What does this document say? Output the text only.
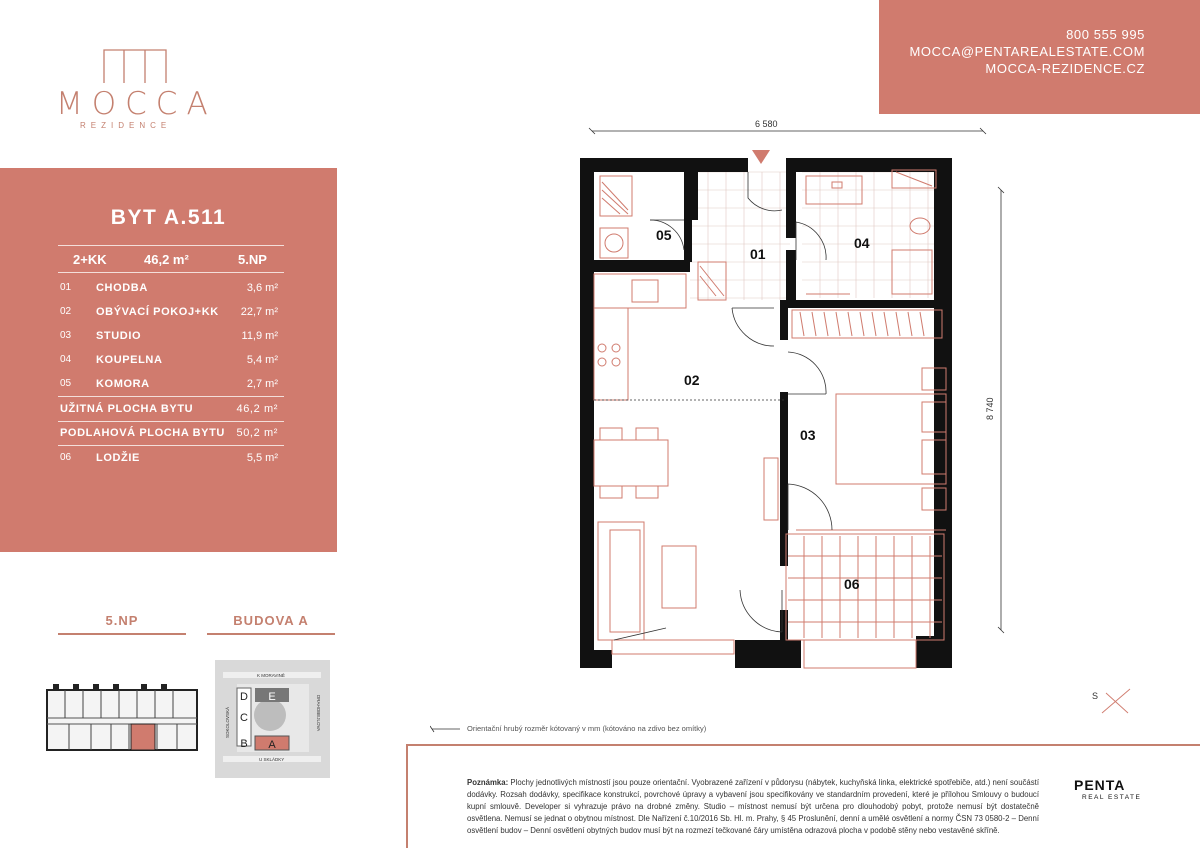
800 555 995
MOCCA@PENTAREALESTATE.COM
MOCCA-REZIDENCE.CZ
MOCCA
REZIDENCE
BYT A.511
2+KK	46,2 m²	5.NP
01 CHODBA	3,6 m²
02 OBÝVACÍ POKOJ+KK 22,7 m²
03 STUDIO	11,9 m²
04 KOUPELNA	5,4 m²
05 KOMORA	2,7 m²
UŽITNÁ PLOCHA BYTU	46,2 m²
PODLAHOVÁ PLOCHA BYTU 50,2 m²
06 LODŽIE	5,5 m²
5.NP	BUDOVA A
D E
C
B A
K MORAVINĚ
U SKLÁDKY
SOKOLOVSKÁ	DRAHOBEJLOVA
6 580
8 740
01
02
03
04
05
06
S
Orientační hrubý rozměr kótovaný v mm (kótováno na zdivo bez omítky)
Poznámka: Plochy jednotlivých místností jsou pouze orientační. Vyobrazené zařízení v půdorysu (nábytek, kuchyňská linka, elektrické spotřebiče, atd.) není součástí dodávky. Rozsah dodávky, specifikace konstrukcí, povrchové úpravy a vybavení jsou specifikovány ve standardním provedení, které je přílohou Smlouvy o budoucí kupní smlouvě. Developer si vyhrazuje právo na drobné změny. Studio – místnost nemusí být určena pro dlouhodobý pobyt, protože nemusí být dostatečně osvětlena. Nemusí se jednat o obytnou místnost. Dle Nařízení č.10/2016 Sb. Hl. m. Prahy, § 45 Proslunění, denní a umělé osvětlení a normy ČSN 73 0580-2 – Denní osvětlení budov – Denní osvětlení obytných budov musí být na rozmezí tečkované čáry umístěna odrazová plocha v podobě stěny nebo vestavěné skříně.
PENTA
REAL ESTATE
